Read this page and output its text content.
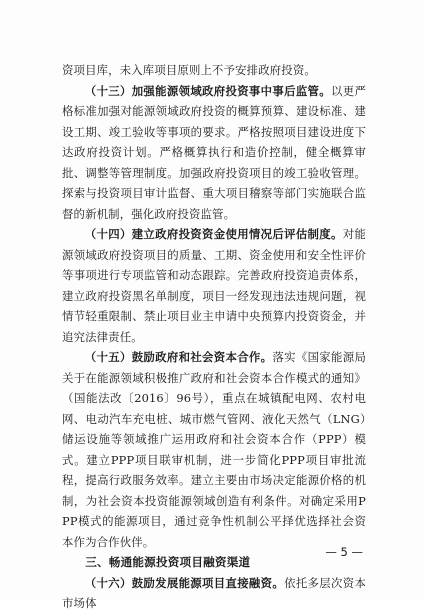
资项目库，未入库项目原则上不予安排政府投资。

（十三）加强能源领域政府投资事中事后监管。以更严格标准加强对能源领域政府投资的概算预算、建设标准、建设工期、竣工验收等事项的要求。严格按照项目建设进度下达政府投资计划。严格概算执行和造价控制，健全概算审批、调整等管理制度。加强政府投资项目的竣工验收管理。探索与投资项目审计监督、重大项目稽察等部门实施联合监督的新机制，强化政府投资监管。

（十四）建立政府投资资金使用情况后评估制度。对能源领域政府投资项目的质量、工期、资金使用和安全性评价等事项进行专项监管和动态跟踪。完善政府投资追责体系，建立政府投资黑名单制度，项目一经发现违法违规问题，视情节轻重限制、禁止项目业主申请中央预算内投资资金，并追究法律责任。

（十五）鼓励政府和社会资本合作。落实《国家能源局关于在能源领域积极推广政府和社会资本合作模式的通知》（国能法改〔2016〕96号），重点在城镇配电网、农村电网、电动汽车充电桩、城市燃气管网、液化天然气（LNG）储运设施等领域推广运用政府和社会资本合作（PPP）模式。建立PPP项目联审机制，进一步简化PPP项目审批流程，提高行政服务效率。建立主要由市场决定能源价格的机制，为社会资本投资能源领域创造有利条件。对确定采用PPP模式的能源项目，通过竞争性机制公平择优选择社会资本作为合作伙伴。

三、畅通能源投资项目融资渠道

（十六）鼓励发展能源项目直接融资。依托多层次资本市场体

— 5 —
